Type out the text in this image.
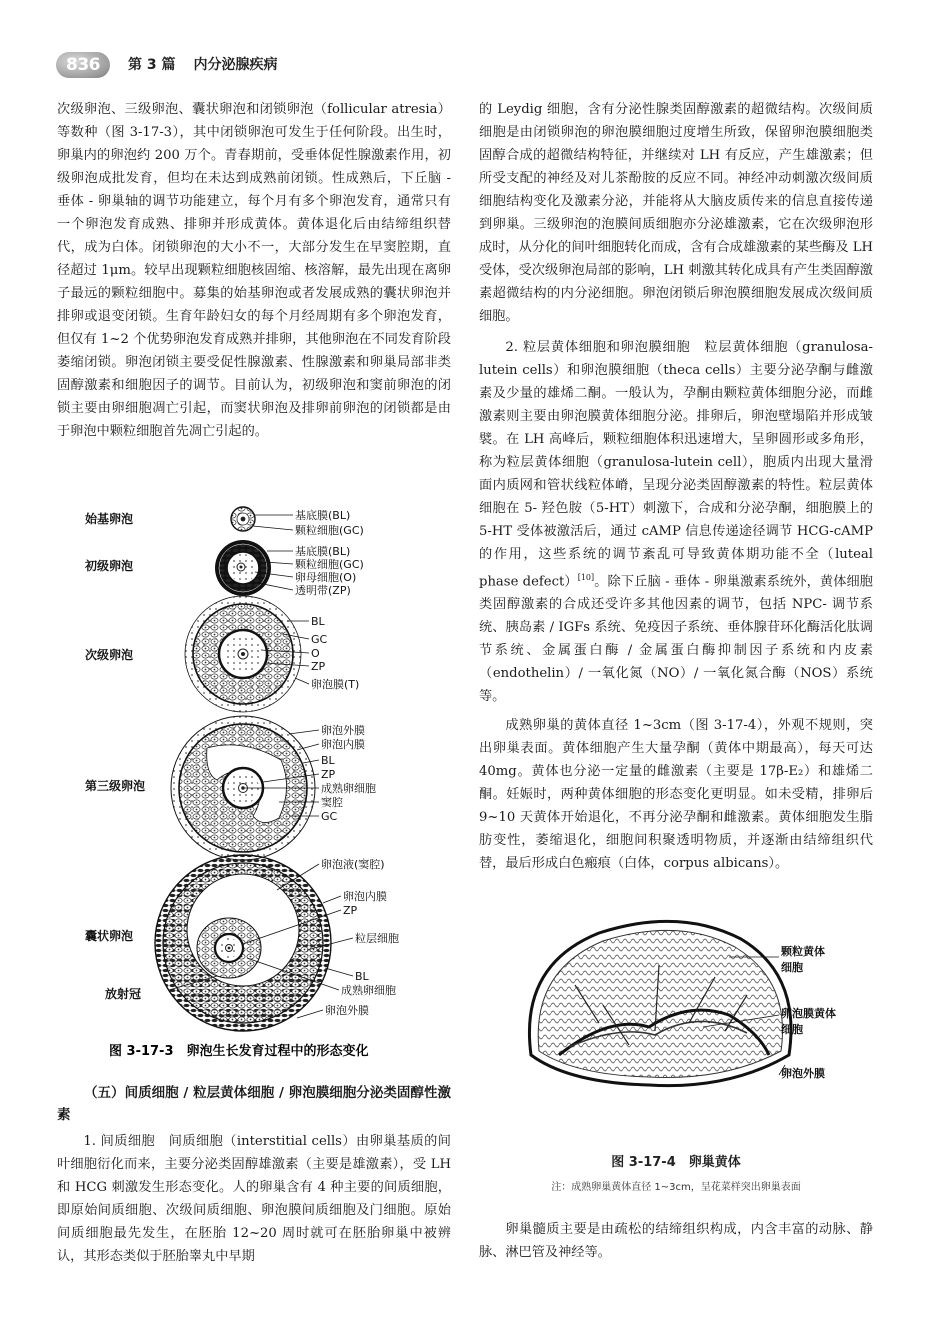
836	第 3 篇 内分泌腺疾病

次级卵泡、三级卵泡、囊状卵泡和闭锁卵泡（follicular atresia）等数种（图 3-17-3），其中闭锁卵泡可发生于任何阶段。出生时，卵巢内的卵泡约 200 万个。青春期前，受垂体促性腺激素作用，初级卵泡成批发育，但均在未达到成熟前闭锁。性成熟后，下丘脑 - 垂体 - 卵巢轴的调节功能建立，每个月有多个卵泡发育，通常只有一个卵泡发育成熟、排卵并形成黄体。黄体退化后由结缔组织替代，成为白体。闭锁卵泡的大小不一，大部分发生在早窦腔期，直径超过 1μm。较早出现颗粒细胞核固缩、核溶解，最先出现在离卵子最远的颗粒细胞中。募集的始基卵泡或者发展成熟的囊状卵泡并排卵或退变闭锁。生育年龄妇女的每个月经周期有多个卵泡发育，但仅有 1~2 个优势卵泡发育成熟并排卵，其他卵泡在不同发育阶段萎缩闭锁。卵泡闭锁主要受促性腺激素、性腺激素和卵巢局部非类固醇激素和细胞因子的调节。目前认为，初级卵泡和窦前卵泡的闭锁主要由卵细胞凋亡引起，而窦状卵泡及排卵前卵泡的闭锁都是由于卵泡中颗粒细胞首先凋亡引起的。

始基卵泡
初级卵泡
次级卵泡
第三级卵泡
囊状卵泡
放射冠
基底膜(BL)
颗粒细胞(GC)
基底膜(BL)
颗粒细胞(GC)
卵母细胞(O)
透明带(ZP)
BL
GC
O
ZP
卵泡膜(T)
卵泡外膜
卵泡内膜
BL
ZP
成熟卵细胞
窦腔
GC
卵泡液(窦腔)
卵泡内膜
ZP
粒层细胞
BL
成熟卵细胞
卵泡外膜
图 3-17-3　卵泡生长发育过程中的形态变化

（五）间质细胞 / 粒层黄体细胞 / 卵泡膜细胞分泌类固醇性激素

1. 间质细胞　间质细胞（interstitial cells）由卵巢基质的间叶细胞衍化而来，主要分泌类固醇雄激素（主要是雄激素），受 LH 和 HCG 刺激发生形态变化。人的卵巢含有 4 种主要的间质细胞，即原始间质细胞、次级间质细胞、卵泡膜间质细胞及门细胞。原始间质细胞最先发生，在胚胎 12~20 周时就可在胚胎卵巢中被辨认，其形态类似于胚胎睾丸中早期

的 Leydig 细胞，含有分泌性腺类固醇激素的超微结构。次级间质细胞是由闭锁卵泡的卵泡膜细胞过度增生所致，保留卵泡膜细胞类固醇合成的超微结构特征，并继续对 LH 有反应，产生雄激素；但所受支配的神经及对儿茶酚胺的反应不同。神经冲动刺激次级间质细胞结构变化及激素分泌，并能将从大脑皮质传来的信息直接传递到卵巢。三级卵泡的泡膜间质细胞亦分泌雄激素，它在次级卵泡形成时，从分化的间叶细胞转化而成，含有合成雄激素的某些酶及 LH 受体，受次级卵泡局部的影响，LH 刺激其转化成具有产生类固醇激素超微结构的内分泌细胞。卵泡闭锁后卵泡膜细胞发展成次级间质细胞。

2. 粒层黄体细胞和卵泡膜细胞　粒层黄体细胞（granulosa-lutein cells）和卵泡膜细胞（theca cells）主要分泌孕酮与雌激素及少量的雄烯二酮。一般认为，孕酮由颗粒黄体细胞分泌，而雌激素则主要由卵泡膜黄体细胞分泌。排卵后，卵泡壁塌陷并形成皱襞。在 LH 高峰后，颗粒细胞体积迅速增大，呈卵圆形或多角形，称为粒层黄体细胞（granulosa-lutein cell），胞质内出现大量滑面内质网和管状线粒体嵴，呈现分泌类固醇激素的特性。粒层黄体细胞在 5- 羟色胺（5-HT）刺激下，合成和分泌孕酮，细胞膜上的 5-HT 受体被激活后，通过 cAMP 信息传递途径调节 HCG-cAMP 的作用，这些系统的调节紊乱可导致黄体期功能不全（luteal phase defect）[10]。除下丘脑 - 垂体 - 卵巢激素系统外，黄体细胞类固醇激素的合成还受许多其他因素的调节，包括 NPC- 调节系统、胰岛素 / IGFs 系统、免疫因子系统、垂体腺苷环化酶活化肽调节系统、金属蛋白酶 / 金属蛋白酶抑制因子系统和内皮素（endothelin）/ 一氧化氮（NO）/ 一氧化氮合酶（NOS）系统等。

成熟卵巢的黄体直径 1~3cm（图 3-17-4），外观不规则，突出卵巢表面。黄体细胞产生大量孕酮（黄体中期最高），每天可达 40mg。黄体也分泌一定量的雌激素（主要是 17β-E₂）和雄烯二酮。妊娠时，两种黄体细胞的形态变化更明显。如未受精，排卵后 9~10 天黄体开始退化，不再分泌孕酮和雌激素。黄体细胞发生脂肪变性，萎缩退化，细胞间积聚透明物质，并逐渐由结缔组织代替，最后形成白色瘢痕（白体，corpus albicans）。

颗粒黄体
细胞
卵泡膜黄体
细胞
卵泡外膜
图 3-17-4　卵巢黄体
注：成熟卵巢黄体直径 1~3cm，呈花菜样突出卵巢表面

卵巢髓质主要是由疏松的结缔组织构成，内含丰富的动脉、静脉、淋巴管及神经等。
